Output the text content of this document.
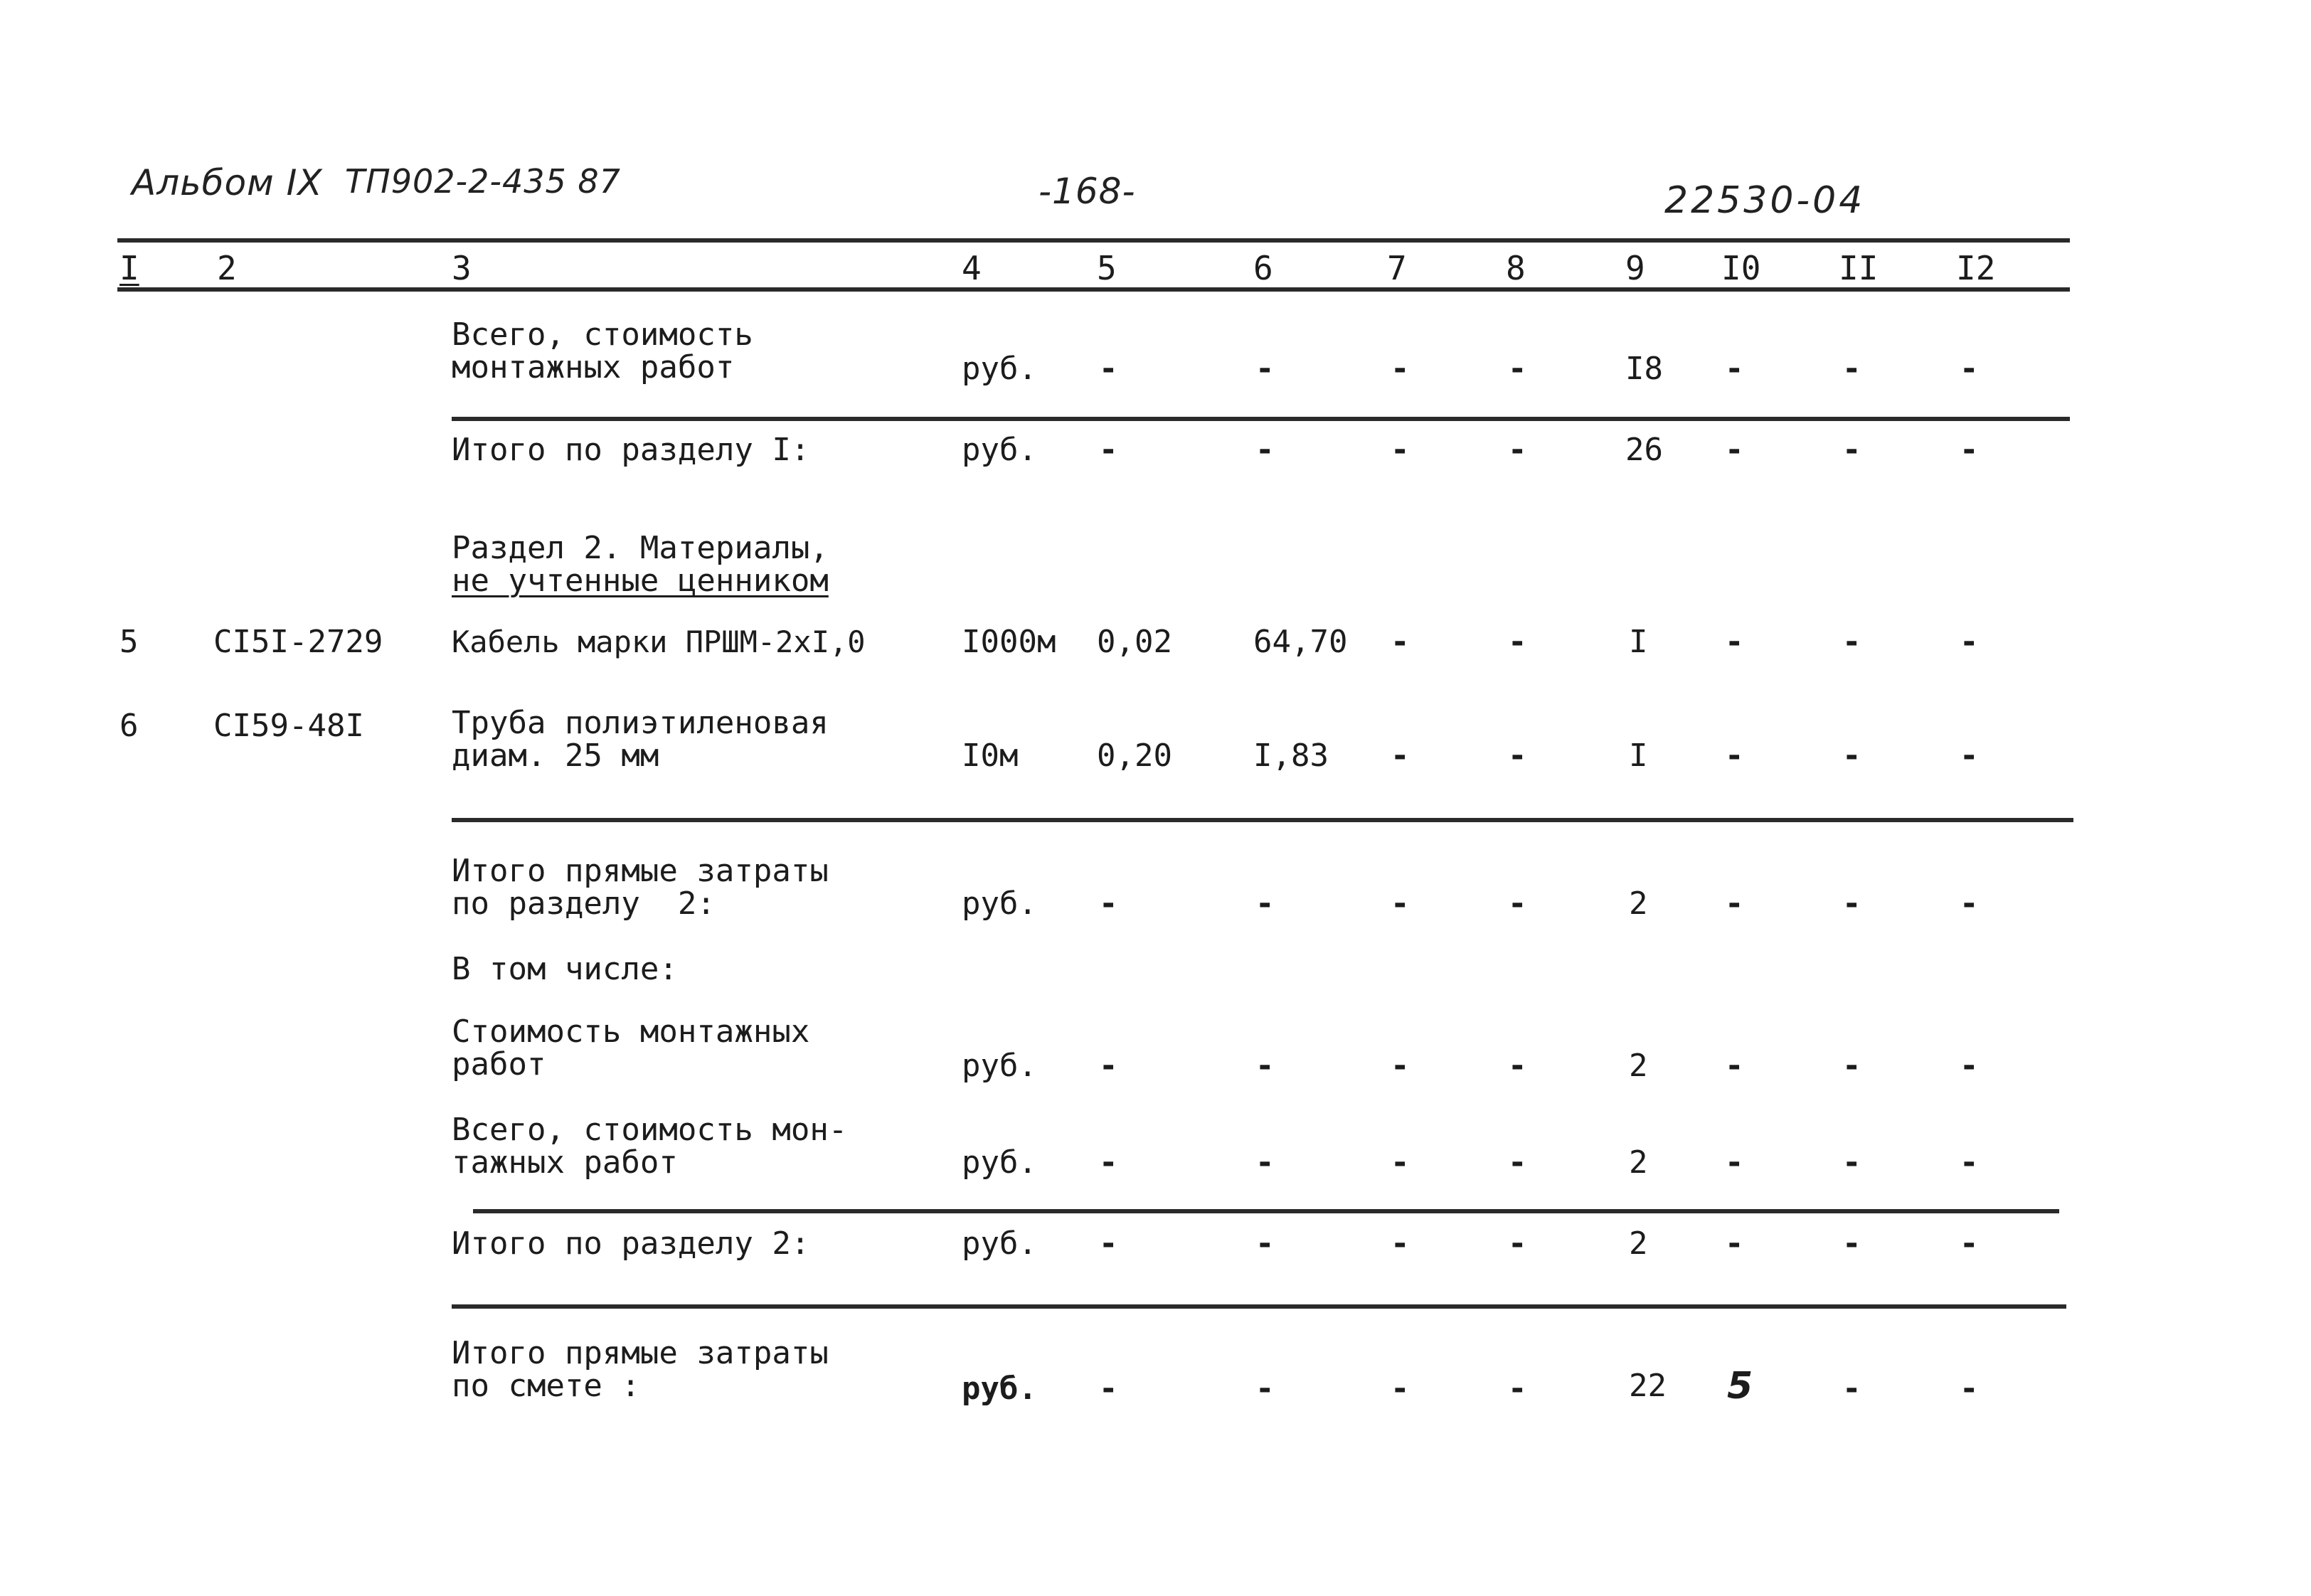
Альбом IX ТП902-2-435 87	-168-	22530-04
I 2	3	4	5	6	7	8	9 I0 II I2
Всего, стоимость
монтажных работ	руб. -	-	-	-	I8 -	-	-
Итого по разделу I:	руб. -	-	-	-	26 -	-	-
Раздел 2. Материалы,
не учтенные ценником
5 CI5I-2729 Кабель марки ПРШМ-2хI,0	I000м 0,02	64,70 -	-	I -	-	-
6 CI59-48I	Труба полиэтиленовая
диам. 25 мм	I0м	0,20	I,83 -	-	I -	-	-
Итого прямые затраты
по разделу  2:	руб. -	-	-	-	2 -	-	-
В том числе:
Стоимость монтажных
работ	руб. -	-	-	-	2 -	-	-
Всего, стоимость мон-
тажных работ	руб. -	-	-	-	2 -	-	-
Итого по разделу 2:	руб. -	-	-	-	2 -	-	-
Итого прямые затраты
по смете :	руб. -	-	-	-	22 5	-	-
